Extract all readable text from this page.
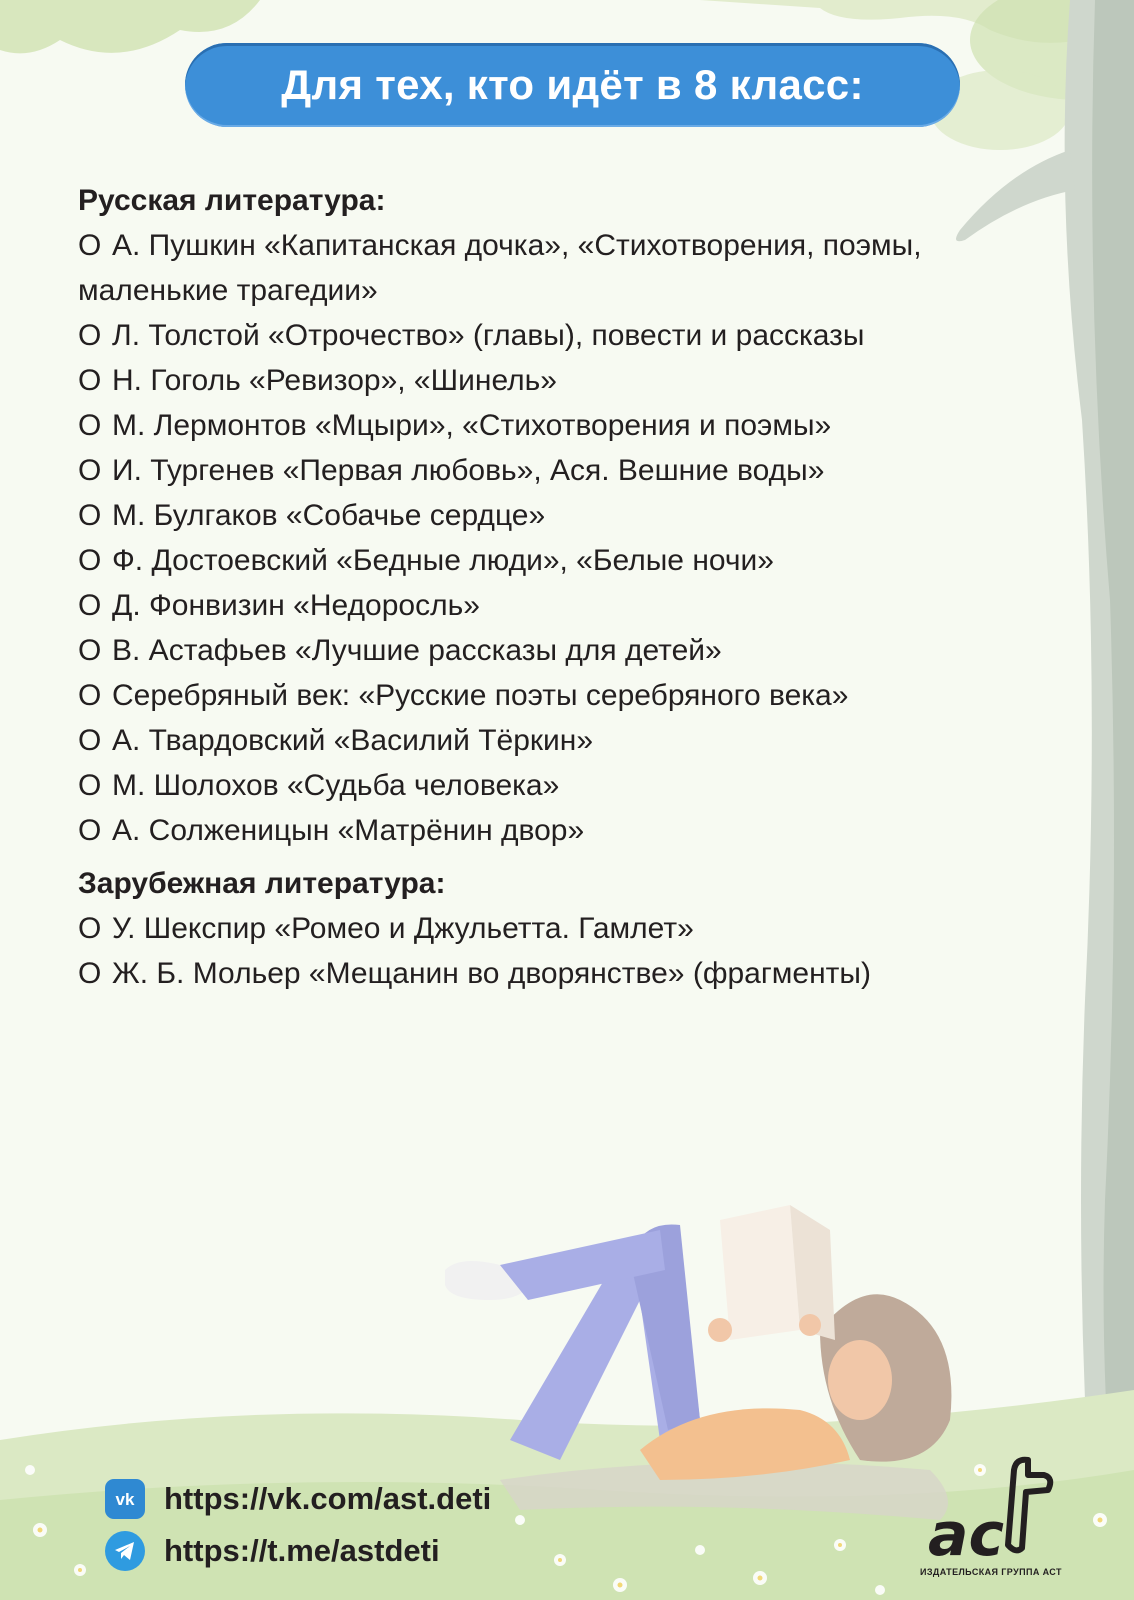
Для тех, кто идёт в 8 класс:

Русская литература:

O А. Пушкин «Капитанская дочка», «Стихотворения, поэмы, маленькие трагедии»

O Л. Толстой «Отрочество» (главы), повести и рассказы

O Н. Гоголь «Ревизор», «Шинель»

O М. Лермонтов «Мцыри», «Стихотворения и поэмы»

O И. Тургенев «Первая любовь», Ася. Вешние воды»

O М. Булгаков «Собачье сердце»

O Ф. Достоевский «Бедные люди», «Белые ночи»

O Д. Фонвизин «Недоросль»

O В. Астафьев «Лучшие рассказы для детей»

O Серебряный век: «Русские поэты серебряного века»

O А. Твардовский «Василий Тёркин»

O М. Шолохов «Судьба человека»

O А. Солженицын «Матрёнин двор»

Зарубежная литература:

O У. Шекспир «Ромео и Джульетта. Гамлет»

O Ж. Б. Мольер «Мещанин во дворянстве» (фрагменты)

vk https://vk.com/ast.deti
https://t.me/astdeti	ас
ИЗДАТЕЛЬСКАЯ ГРУППА АСТ
